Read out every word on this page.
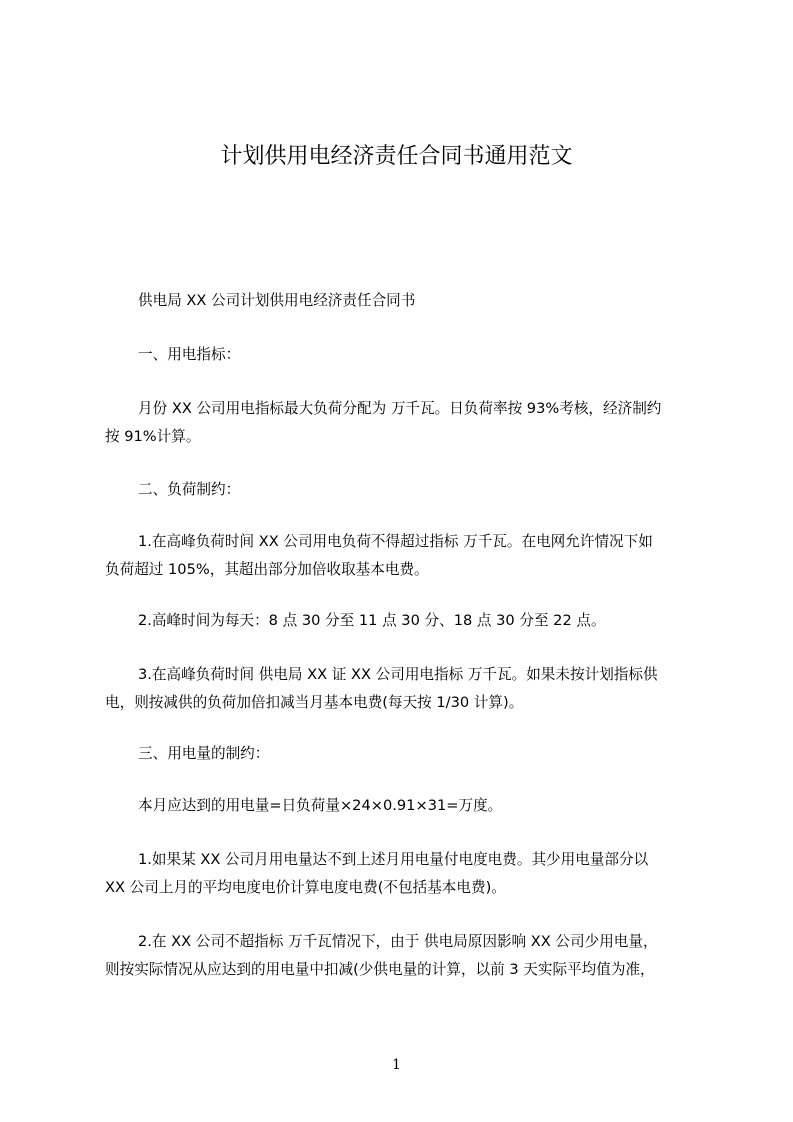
计划供用电经济责任合同书通用范文

供电局 XX 公司计划供用电经济责任合同书

一、用电指标：

月份 XX 公司用电指标最大负荷分配为 万千瓦。日负荷率按 93%考核，经济制约
按 91%计算。

二、负荷制约：

1.在高峰负荷时间 XX 公司用电负荷不得超过指标 万千瓦。在电网允许情况下如
负荷超过 105%，其超出部分加倍收取基本电费。

2.高峰时间为每天：8 点 30 分至 11 点 30 分、18 点 30 分至 22 点。

3.在高峰负荷时间 供电局 XX 证 XX 公司用电指标 万千瓦。如果未按计划指标供
电，则按减供的负荷加倍扣减当月基本电费(每天按 1/30 计算)。

三、用电量的制约：

本月应达到的用电量=日负荷量×24×0.91×31=万度。

1.如果某 XX 公司月用电量达不到上述月用电量付电度电费。其少用电量部分以
XX 公司上月的平均电度电价计算电度电费(不包括基本电费)。
2.在 XX 公司不超指标 万千瓦情况下，由于 供电局原因影响 XX 公司少用电量，
则按实际情况从应达到的用电量中扣减(少供电量的计算，以前 3 天实际平均值为准，
1
